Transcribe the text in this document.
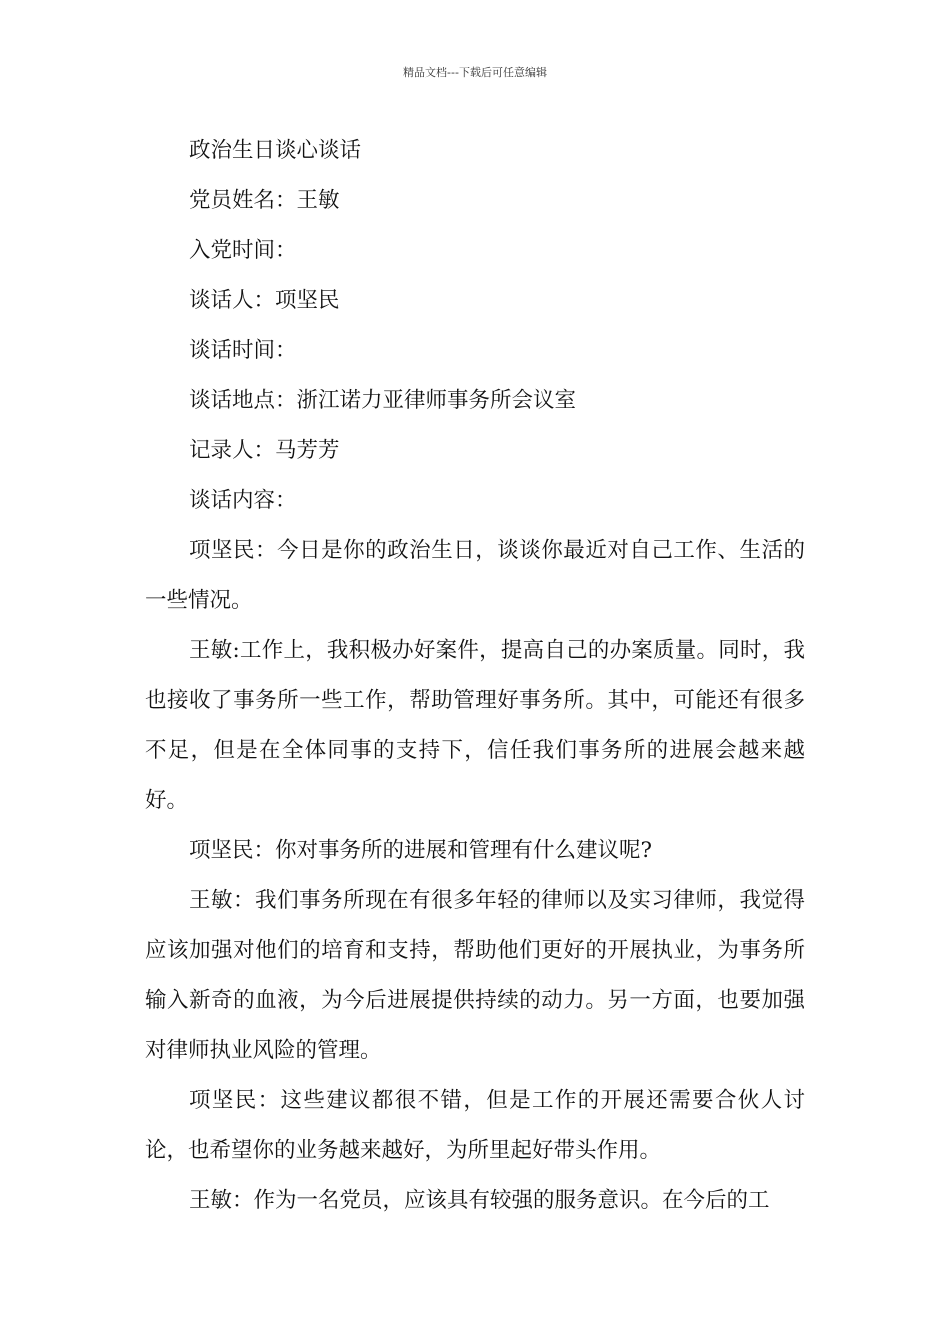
精品文档---下载后可任意编辑

政治生日谈心谈话

党员姓名：王敏

入党时间：

谈话人：项坚民

谈话时间：

谈话地点：浙江诺力亚律师事务所会议室

记录人：马芳芳

谈话内容：

项坚民：今日是你的政治生日，谈谈你最近对自己工作、生活的一些情况。

王敏:工作上，我积极办好案件，提高自己的办案质量。同时，我也接收了事务所一些工作，帮助管理好事务所。其中，可能还有很多不足，但是在全体同事的支持下，信任我们事务所的进展会越来越好。

项坚民：你对事务所的进展和管理有什么建议呢?

王敏：我们事务所现在有很多年轻的律师以及实习律师，我觉得应该加强对他们的培育和支持，帮助他们更好的开展执业，为事务所输入新奇的血液，为今后进展提供持续的动力。另一方面，也要加强对律师执业风险的管理。

项坚民：这些建议都很不错，但是工作的开展还需要合伙人讨论，也希望你的业务越来越好，为所里起好带头作用。

王敏：作为一名党员，应该具有较强的服务意识。在今后的工
